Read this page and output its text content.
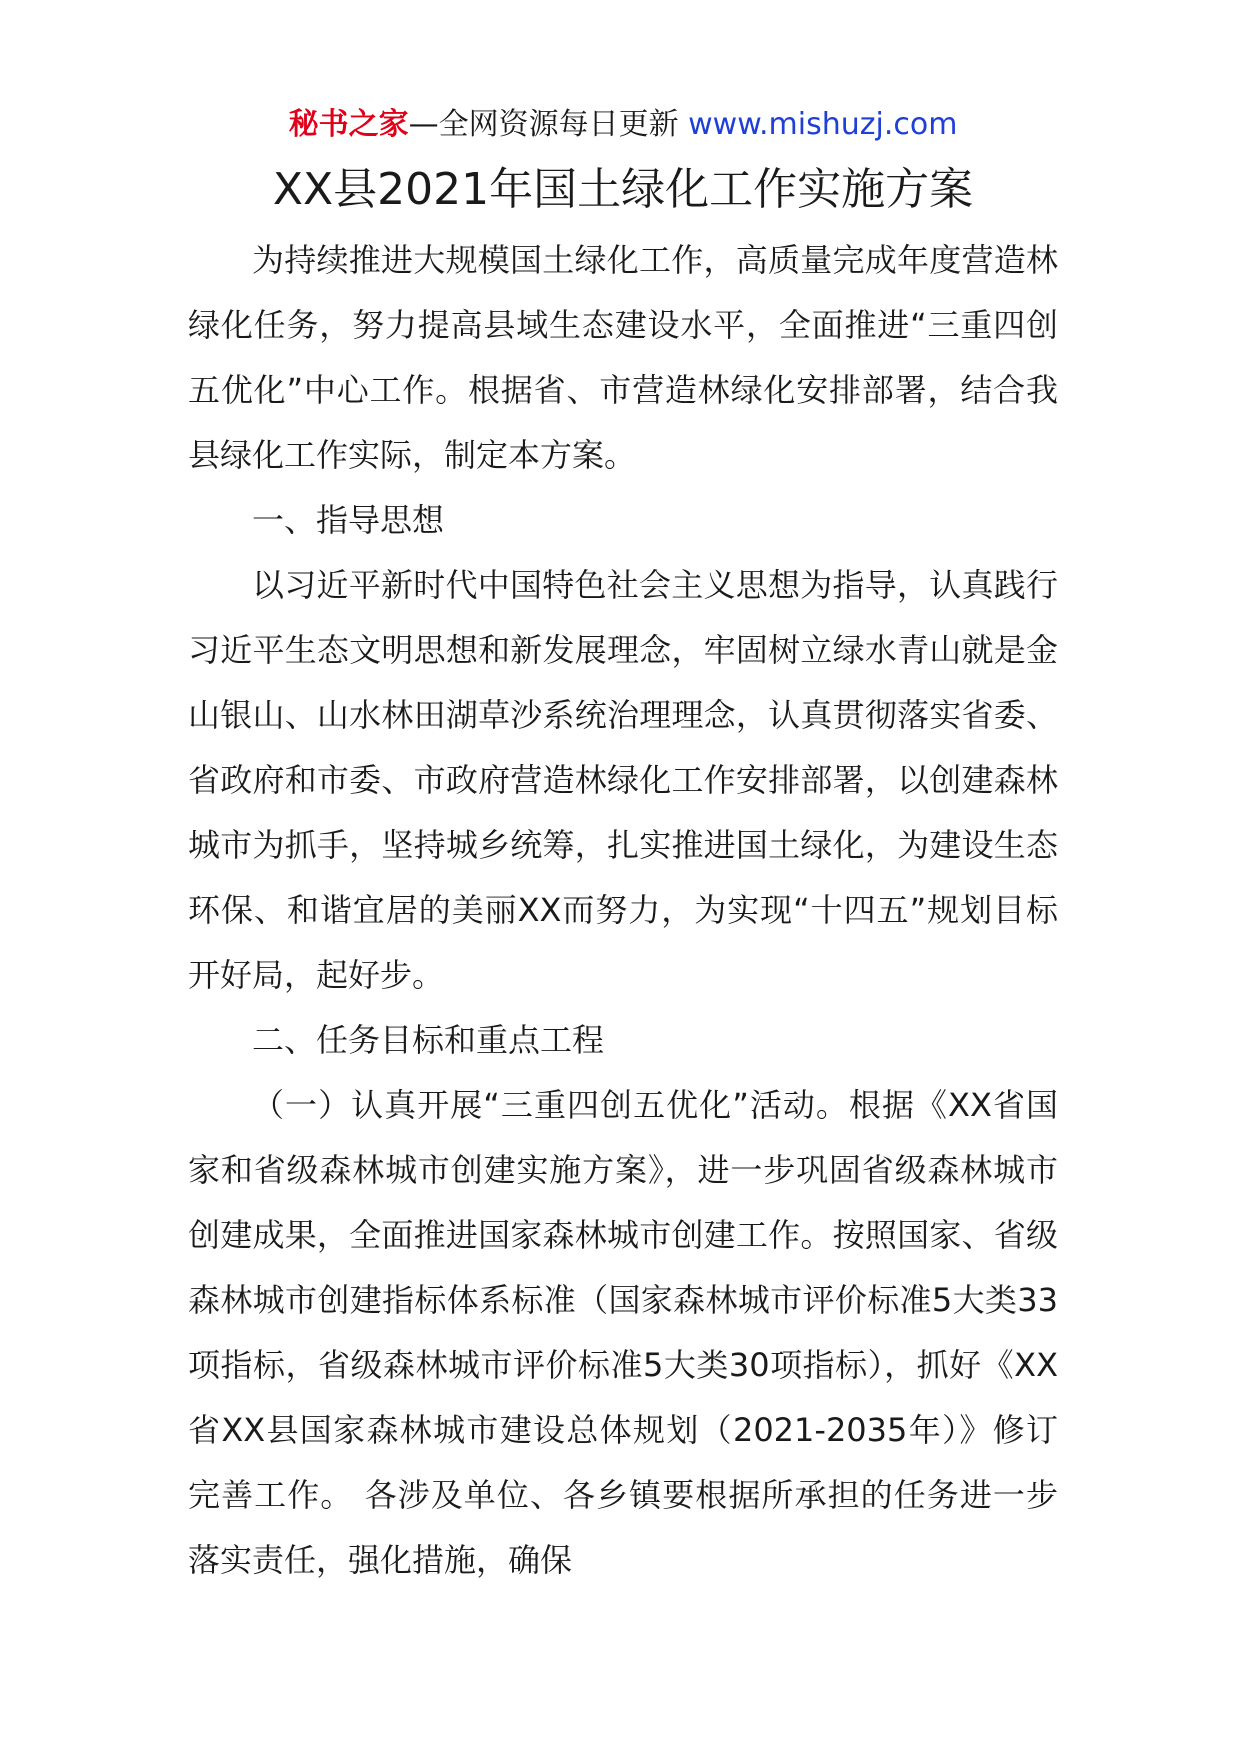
秘书之家—全网资源每日更新 www.mishuzj.com
XX县2021年国土绿化工作实施方案

为持续推进大规模国土绿化工作，高质量完成年度营造林绿化任务，努力提高县域生态建设水平，全面推进“三重四创五优化”中心工作。根据省、市营造林绿化安排部署，结合我县绿化工作实际，制定本方案。

一、指导思想

以习近平新时代中国特色社会主义思想为指导，认真践行习近平生态文明思想和新发展理念，牢固树立绿水青山就是金山银山、山水林田湖草沙系统治理理念，认真贯彻落实省委、省政府和市委、市政府营造林绿化工作安排部署，以创建森林城市为抓手，坚持城乡统筹，扎实推进国土绿化，为建设生态环保、和谐宜居的美丽XX而努力，为实现“十四五”规划目标开好局，起好步。

二、任务目标和重点工程

（一）认真开展“三重四创五优化”活动。根据《XX省国家和省级森林城市创建实施方案》，进一步巩固省级森林城市创建成果，全面推进国家森林城市创建工作。按照国家、省级森林城市创建指标体系标准（国家森林城市评价标准5大类33项指标，省级森林城市评价标准5大类30项指标），抓好《XX省XX县国家森林城市建设总体规划（2021-2035年）》修订完善工作。 各涉及单位、各乡镇要根据所承担的任务进一步落实责任，强化措施，确保
